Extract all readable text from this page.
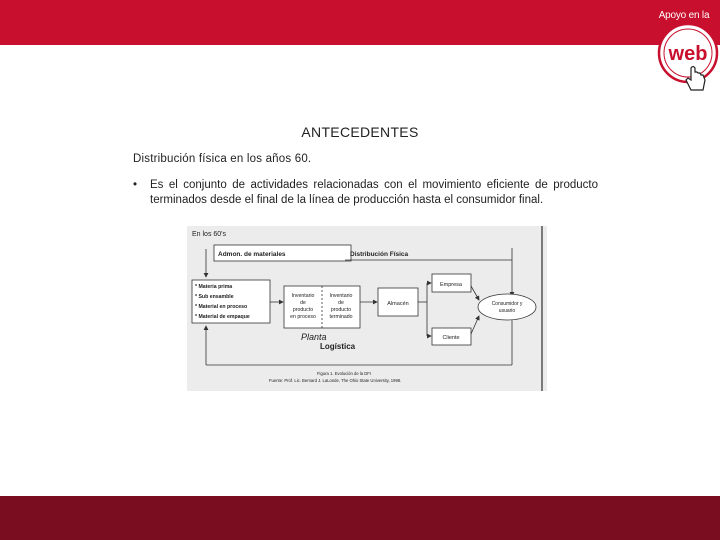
Apoyo en la
web
ANTECEDENTES
Distribución física en los años 60.
• Es el conjunto de actividades relacionadas con el movimiento eficiente de producto terminados desde el final de la línea de producción hasta el consumidor final.
En los 60's
Admon. de materiales	Distribución Física
* Materia prima
* Sub ensamble
* Material en proceso
* Material de empaque
Inventario
de
producto
en proceso
Inventario
de
producto
terminado
Almacén
Empresa
Cliente
Consumidor y
usuario
Planta
Logística
Figura 1. Evolución de la DFI
Fuente: Prof. Lic. Bernard J. LaLonde, The Ohio State University, 1998.
